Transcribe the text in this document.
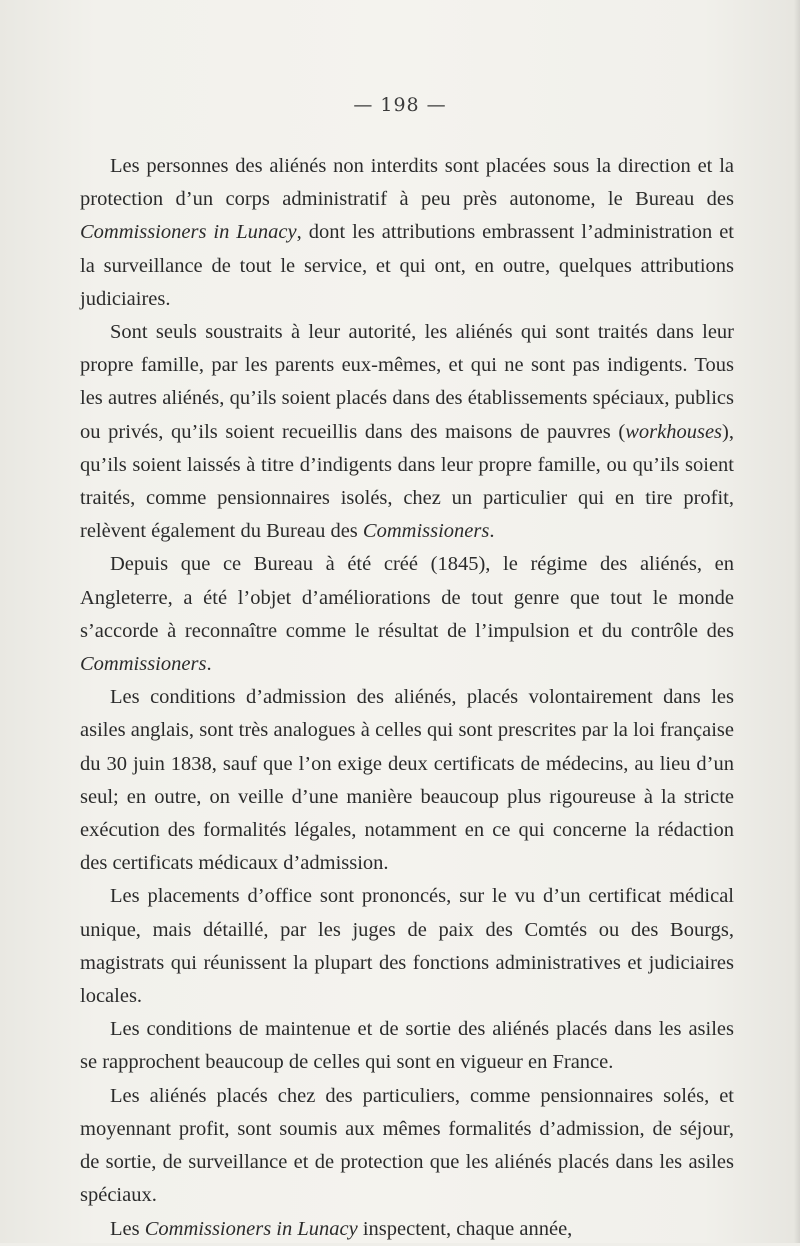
— 198 —

Les personnes des aliénés non interdits sont placées sous la direction et la protection d’un corps administratif à peu près autonome, le Bureau des Commissioners in Lunacy, dont les attributions embrassent l’administration et la surveillance de tout le service, et qui ont, en outre, quelques attributions judiciaires.

Sont seuls soustraits à leur autorité, les aliénés qui sont traités dans leur propre famille, par les parents eux-mêmes, et qui ne sont pas indigents. Tous les autres aliénés, qu’ils soient placés dans des établissements spéciaux, publics ou privés, qu’ils soient recueillis dans des maisons de pauvres (workhouses), qu’ils soient laissés à titre d’indigents dans leur propre famille, ou qu’ils soient traités, comme pensionnaires isolés, chez un particulier qui en tire profit, relèvent également du Bureau des Commissioners.

Depuis que ce Bureau à été créé (1845), le régime des aliénés, en Angleterre, a été l’objet d’améliorations de tout genre que tout le monde s’accorde à reconnaître comme le résultat de l’impulsion et du contrôle des Commissioners.

Les conditions d’admission des aliénés, placés volontairement dans les asiles anglais, sont très analogues à celles qui sont prescrites par la loi française du 30 juin 1838, sauf que l’on exige deux certificats de médecins, au lieu d’un seul; en outre, on veille d’une manière beaucoup plus rigoureuse à la stricte exécution des formalités légales, notamment en ce qui concerne la rédaction des certificats médicaux d’admission.

Les placements d’office sont prononcés, sur le vu d’un certificat médical unique, mais détaillé, par les juges de paix des Comtés ou des Bourgs, magistrats qui réunissent la plupart des fonctions administratives et judiciaires locales.

Les conditions de maintenue et de sortie des aliénés placés dans les asiles se rapprochent beaucoup de celles qui sont en vigueur en France.

Les aliénés placés chez des particuliers, comme pensionnaires solés, et moyennant profit, sont soumis aux mêmes formalités d’admission, de séjour, de sortie, de surveillance et de protection que les aliénés placés dans les asiles spéciaux.

Les Commissioners in Lunacy inspectent, chaque année,
